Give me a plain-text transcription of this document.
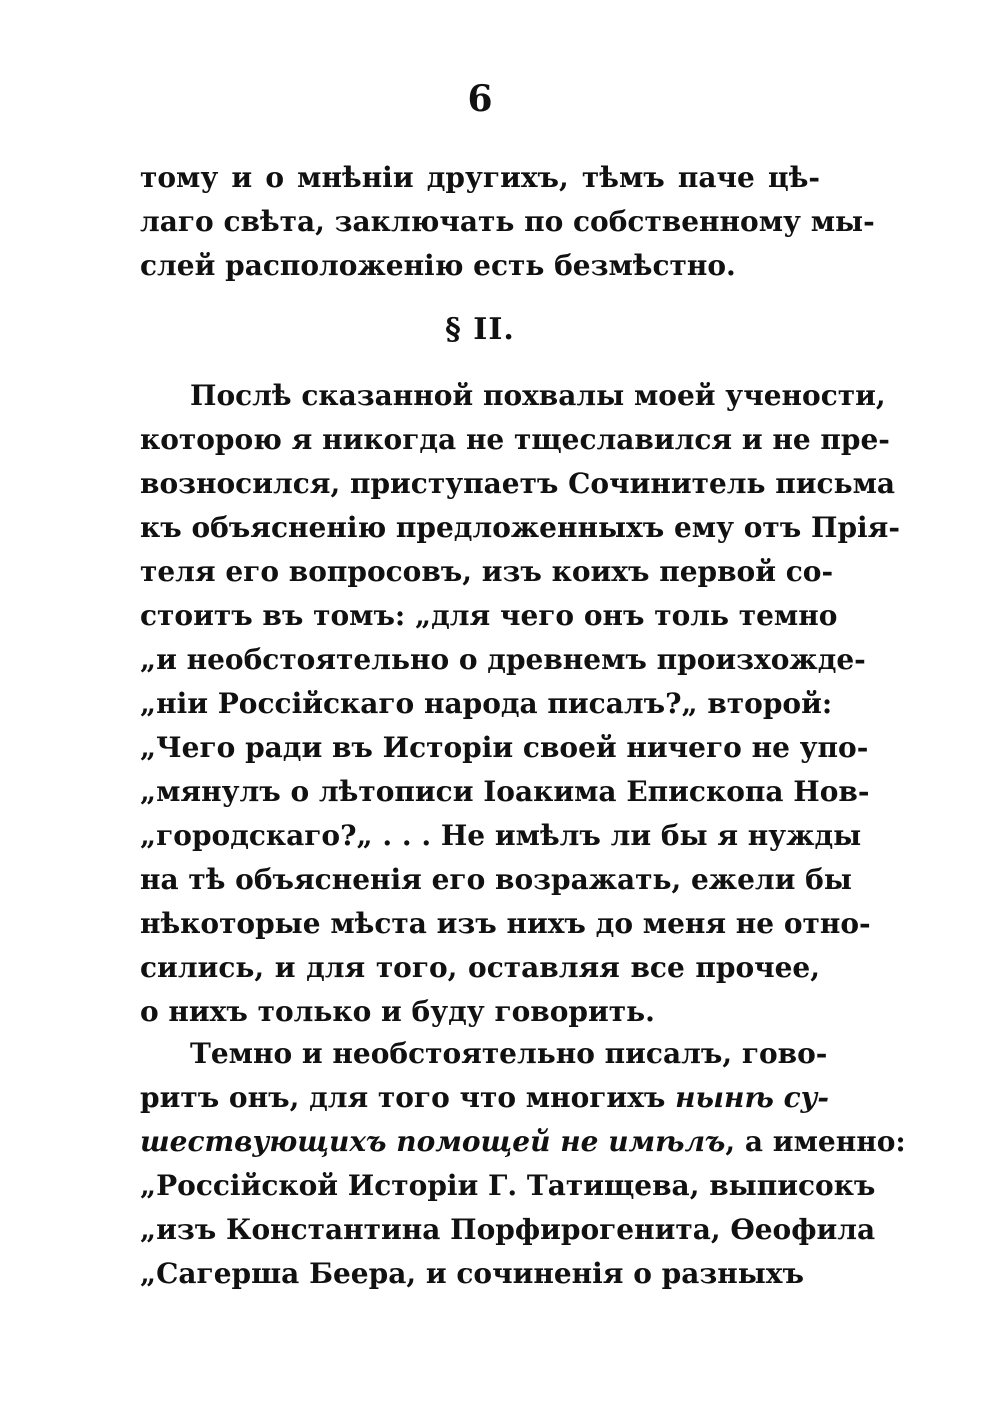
6
тому и о мнѣніи другихъ, тѣмъ паче цѣ-
лаго свѣта, заключать по собственному мы-
слей расположенію есть безмѣстно.
§ II.
Послѣ сказанной похвалы моей учености,
которою я никогда не тщеславился и не пре-
возносился, приступаетъ Сочинитель письма
къ объясненію предложенныхъ ему отъ Прія-
теля его вопросовъ, изъ коихъ первой со-
стоитъ въ томъ: „для чего онъ толь темно
„и необстоятельно о древнемъ произхожде-
„ніи Россійскаго народа писалъ?„ второй:
„Чего ради въ Исторіи своей ничего не упо-
„мянулъ о лѣтописи Іоакима Епископа Нов-
„городскаго?„ . . . Не имѣлъ ли бы я нужды
на тѣ объясненія его возражать, ежели бы
нѣкоторые мѣста изъ нихъ до меня не отно-
сились, и для того, оставляя все прочее,
о нихъ только и буду говорить.
Темно и необстоятельно писалъ, гово-
ритъ онъ, для того что многихъ нынѣ су-
шествующихъ помощей не имѣлъ, а именно:
„Россійской Исторіи Г. Татищева, выписокъ
„изъ Константина Порфирогенита, Ѳеофила
„Сагерша Беера, и сочиненія о разныхъ
